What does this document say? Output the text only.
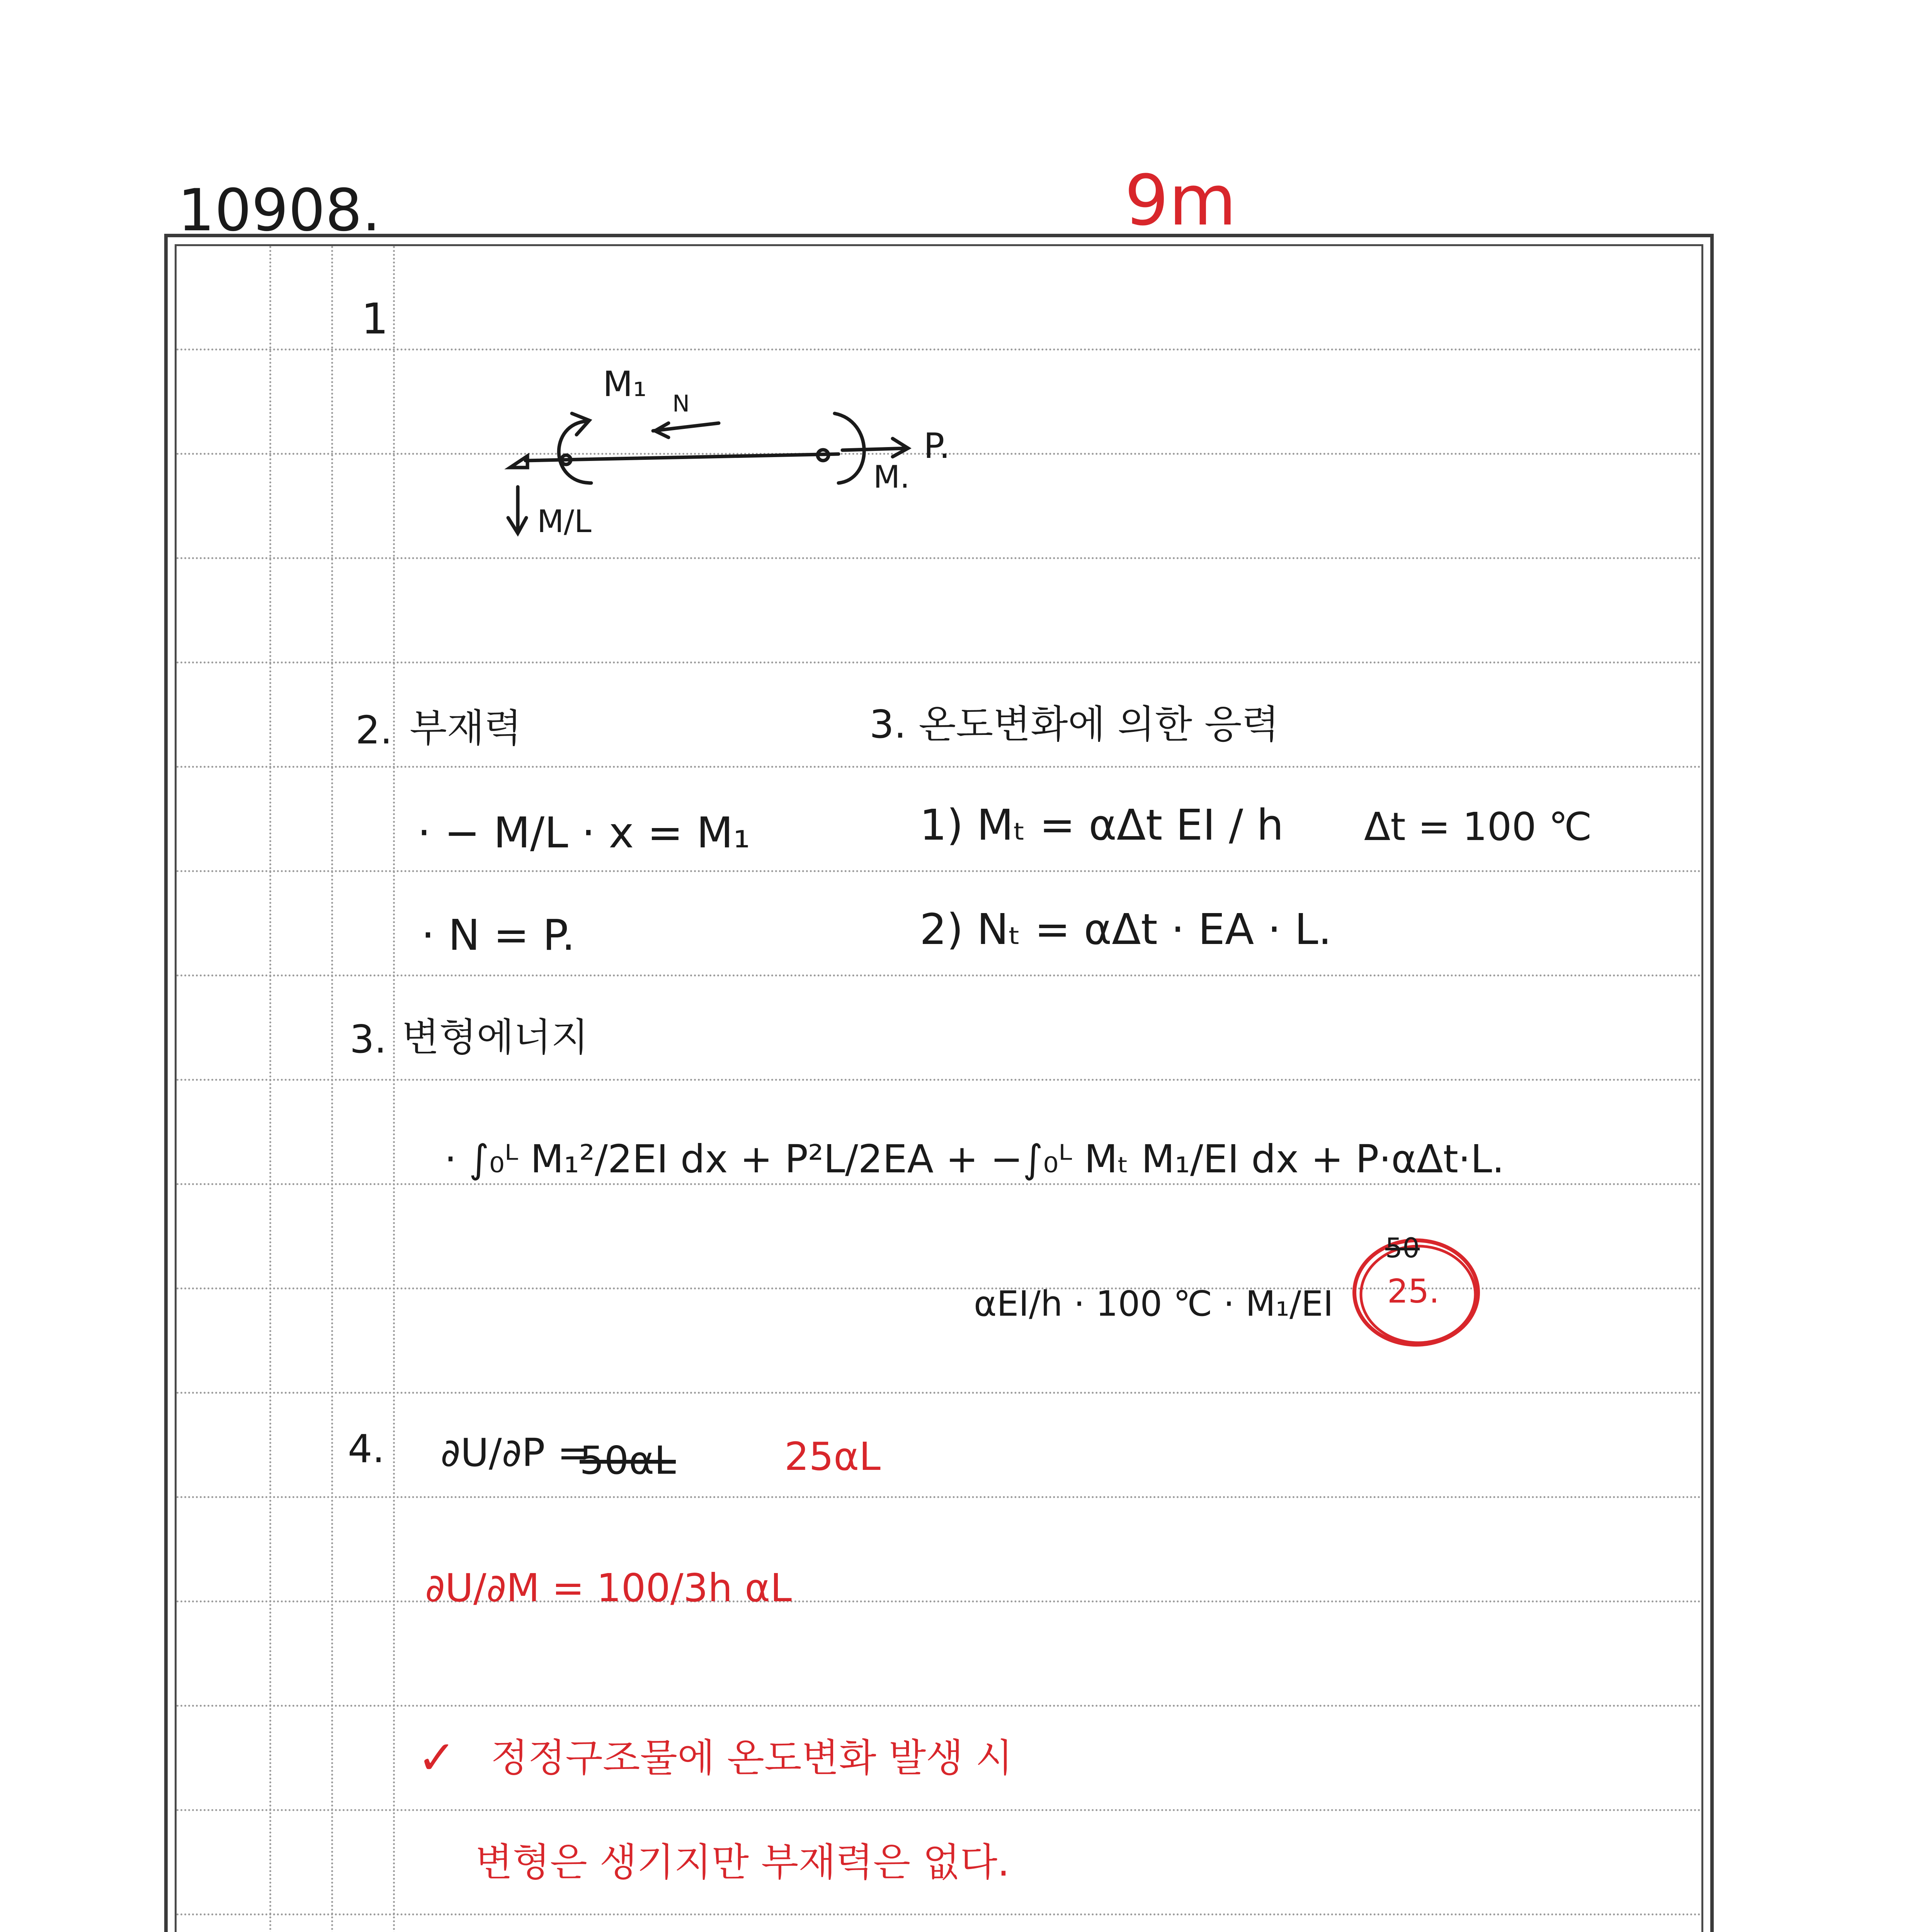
10908.	9m
1
M₁ N
P.
M.
M/L
2. 부재력
· − M/L · x = M₁
· N = P.
3. 온도변화에 의한 응력
1) Mₜ = αΔt EI / h Δt = 100 ℃
2) Nₜ = αΔt · EA · L.
3. 변형에너지
· ∫₀ᴸ M₁²/2EI dx + P²L/2EA + −∫₀ᴸ Mₜ M₁/EI dx + P·αΔt·L.
αEI/h · 100 ℃ · M₁/EI
50
25.
4. ∂U/∂P =
50αL	25αL
∂U/∂M = 100/3h αL
✓ 정정구조물에 온도변화 발생 시
변형은 생기지만 부재력은 없다.
